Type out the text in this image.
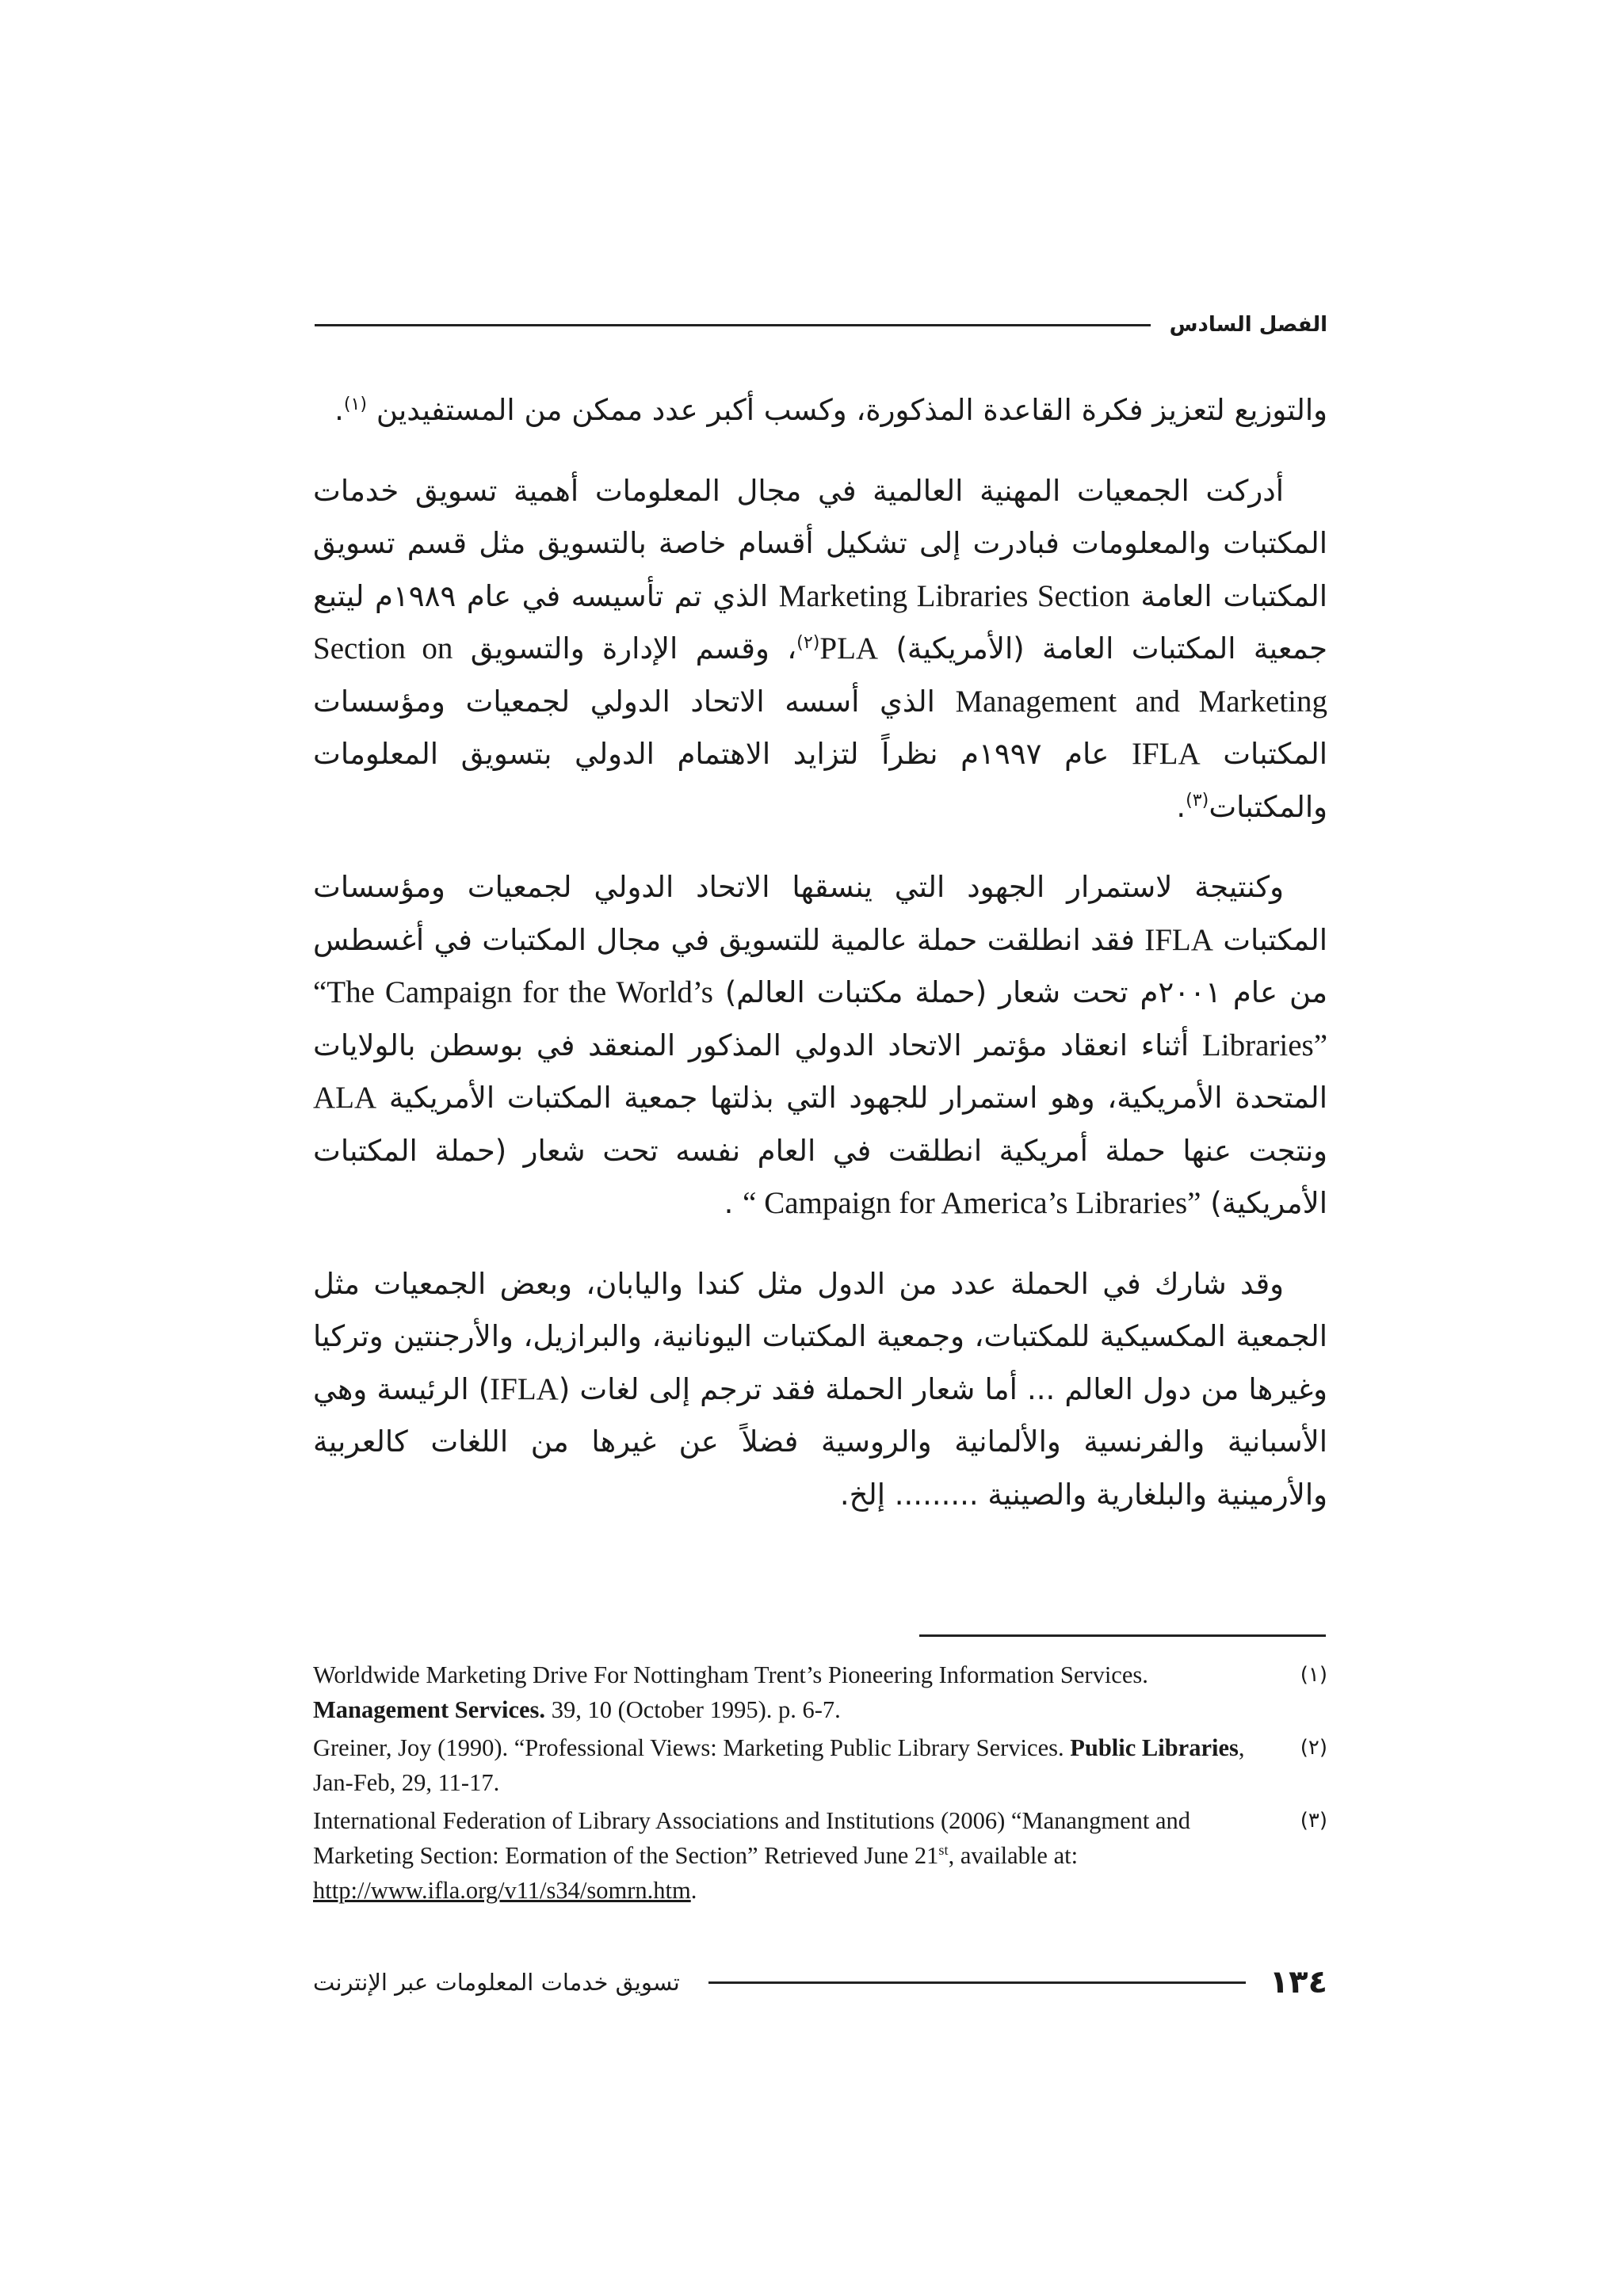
الفصل السادس

والتوزيع لتعزيز فكرة القاعدة المذكورة، وكسب أكبر عدد ممكن من المستفيدين $^{(١)}$.

أدركت الجمعيات المهنية العالمية في مجال المعلومات أهمية تسويق خدمات المكتبات والمعلومات فبادرت إلى تشكيل أقسام خاصة بالتسويق مثل قسم تسويق المكتبات العامة Marketing Libraries Section الذي تم تأسيسه في عام ١٩٨٩م ليتبع جمعية المكتبات العامة (الأمريكية) PLA$^{(٢)}$، وقسم الإدارة والتسويق Section on Management and Marketing الذي أسسه الاتحاد الدولي لجمعيات ومؤسسات المكتبات IFLA عام ١٩٩٧م نظراً لتزايد الاهتمام الدولي بتسويق المعلومات والمكتبات$^{(٣)}$.

وكنتيجة لاستمرار الجهود التي ينسقها الاتحاد الدولي لجمعيات ومؤسسات المكتبات IFLA فقد انطلقت حملة عالمية للتسويق في مجال المكتبات في أغسطس من عام ٢٠٠١م تحت شعار (حملة مكتبات العالم) “The Campaign for the World’s Libraries” أثناء انعقاد مؤتمر الاتحاد الدولي المذكور المنعقد في بوسطن بالولايات المتحدة الأمريكية، وهو استمرار للجهود التي بذلتها جمعية المكتبات الأمريكية ALA ونتجت عنها حملة أمريكية انطلقت في العام نفسه تحت شعار (حملة المكتبات الأمريكية) “ Campaign for America’s Libraries” .

وقد شارك في الحملة عدد من الدول مثل كندا واليابان، وبعض الجمعيات مثل الجمعية المكسيكية للمكتبات، وجمعية المكتبات اليونانية، والبرازيل، والأرجنتين وتركيا وغيرها من دول العالم ... أما شعار الحملة فقد ترجم إلى لغات (IFLA) الرئيسة وهي الأسبانية والفرنسية والألمانية والروسية فضلاً عن غيرها من اللغات كالعربية والأرمينية والبلغارية والصينية ......... إلخ.

(١)
Worldwide Marketing Drive For Nottingham Trent’s Pioneering Information Services. Management Services. 39, 10 (October 1995). p. 6-7.
(٢)
Greiner, Joy (1990). “Professional Views: Marketing Public Library Services. Public Libraries, Jan-Feb, 29, 11-17.
(٣)
International Federation of Library Associations and Institutions (2006) “Manangment and Marketing Section: Eormation of the Section” Retrieved June 21st, available at: http://www.ifla.org/v11/s34/somrn.htm.
تسويق خدمات المعلومات عبر الإنترنت	١٣٤
